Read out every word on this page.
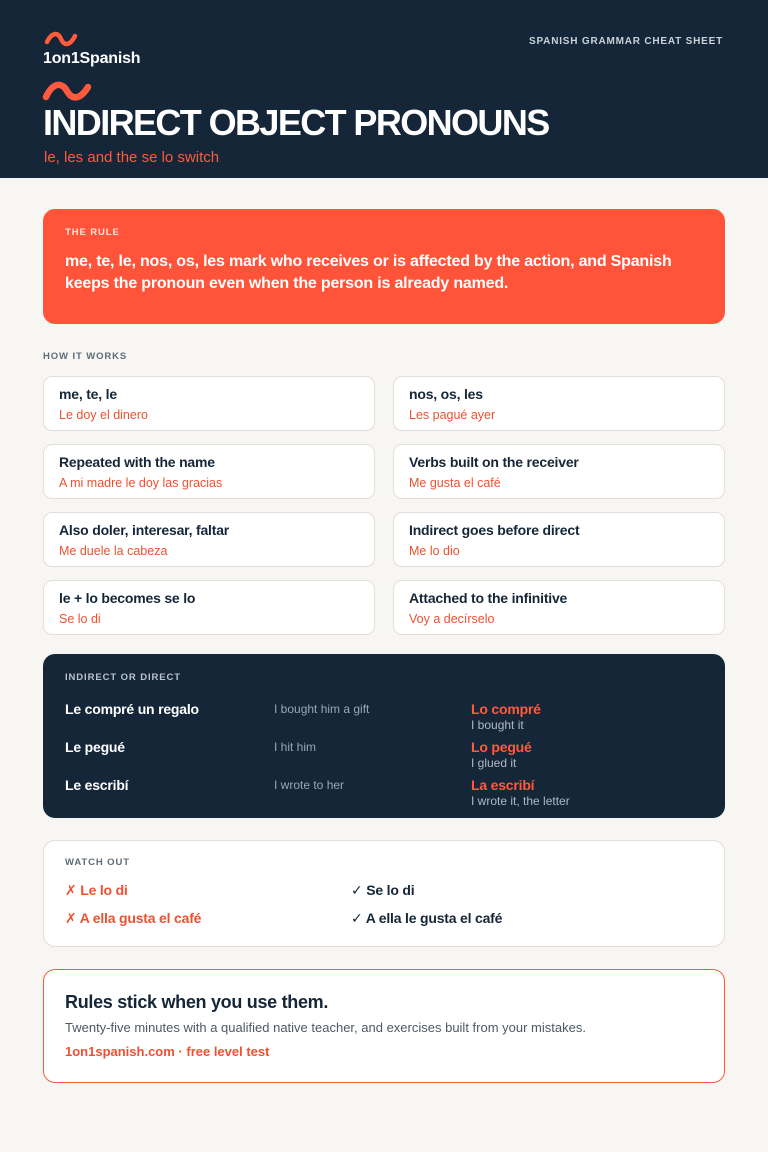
1on1Spanish
SPANISH GRAMMAR CHEAT SHEET
INDIRECT OBJECT PRONOUNS
le, les and the se lo switch
THE RULE
me, te, le, nos, os, les mark who receives or is affected by the action, and Spanish keeps the pronoun even when the person is already named.
HOW IT WORKS
me, te, le
Le doy el dinero
nos, os, les
Les pagué ayer
Repeated with the name
A mi madre le doy las gracias
Verbs built on the receiver
Me gusta el café
Also doler, interesar, faltar
Me duele la cabeza
Indirect goes before direct
Me lo dio
le + lo becomes se lo
Se lo di
Attached to the infinitive
Voy a decírselo
INDIRECT OR DIRECT
Le compré un regalo	I bought him a gift	Lo compré
I bought it
Le pegué	I hit him	Lo pegué
I glued it
Le escribí	I wrote to her	La escribí
I wrote it, the letter
WATCH OUT
✗ Le lo di	✓ Se lo di
✗ A ella gusta el café	✓ A ella le gusta el café
Rules stick when you use them.
Twenty-five minutes with a qualified native teacher, and exercises built from your mistakes.
1on1spanish.com · free level test
